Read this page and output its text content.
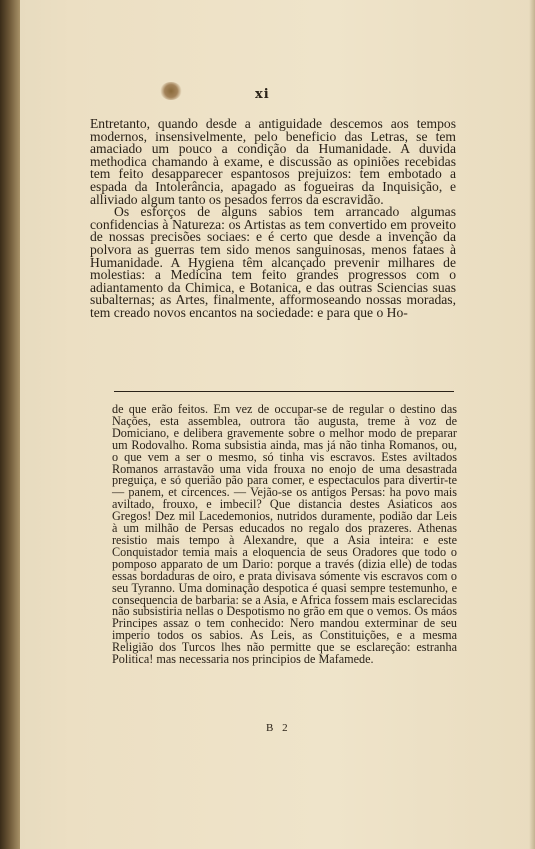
xi

Entretanto, quando desde a antiguidade descemos aos tempos modernos, insensivelmente, pelo beneficio das Letras, se tem amaciado um pouco a condição da Humanidade. A duvida methodica chamando à exame, e discussão as opiniões recebidas tem feito desapparecer espantosos prejuizos: tem embotado a espada da Intolerância, apagado as fogueiras da Inquisição, e alliviado algum tanto os pesados ferros da escravidão.

Os esforços de alguns sabios tem arrancado algumas confidencias à Natureza: os Artistas as tem convertido em proveito de nossas precisões sociaes: e é certo que desde a invenção da polvora as guerras tem sido menos sanguinosas, menos fataes à Humanidade. A Hygiena têm alcançado prevenir milhares de molestias: a Medicina tem feito grandes progressos com o adiantamento da Chimica, e Botanica, e das outras Sciencias suas subalternas; as Artes, finalmente, afformoseando nossas moradas, tem creado novos encantos na sociedade: e para que o Ho-

de que erão feitos. Em vez de occupar-se de regular o destino das Nações, esta assemblea, outrora tão augusta, treme à voz de Domiciano, e delibera gravemente sobre o melhor modo de preparar um Rodovalho. Roma subsistia ainda, mas já não tinha Romanos, ou, o que vem a ser o mesmo, só tinha vis escravos. Estes aviltados Romanos arrastavão uma vida frouxa no enojo de uma desastrada preguiça, e só querião pão para comer, e espectaculos para divertir-te — panem, et circences. — Vejão-se os antigos Persas: ha povo mais aviltado, frouxo, e imbecil? Que distancia destes Asiaticos aos Gregos! Dez mil Lacedemonios, nutridos duramente, podião dar Leis à um milhão de Persas educados no regalo dos prazeres. Athenas resistio mais tempo à Alexandre, que a Asia inteira: e este Conquistador temia mais a eloquencia de seus Oradores que todo o pomposo apparato de um Dario: porque a través (dizia elle) de todas essas bordaduras de oiro, e prata divisava sómente vis escravos com o seu Tyranno. Uma dominação despotica é quasi sempre testemunho, e consequencia de barbaria: se a Asia, e Africa fossem mais esclarecidas não subsistiria nellas o Despotismo no grão em que o vemos. Os máos Principes assaz o tem conhecido: Nero mandou exterminar de seu imperio todos os sabios. As Leis, as Constituições, e a mesma Religião dos Turcos lhes não permitte que se esclareção: estranha Politica! mas necessaria nos principios de Mafamede.

B 2
